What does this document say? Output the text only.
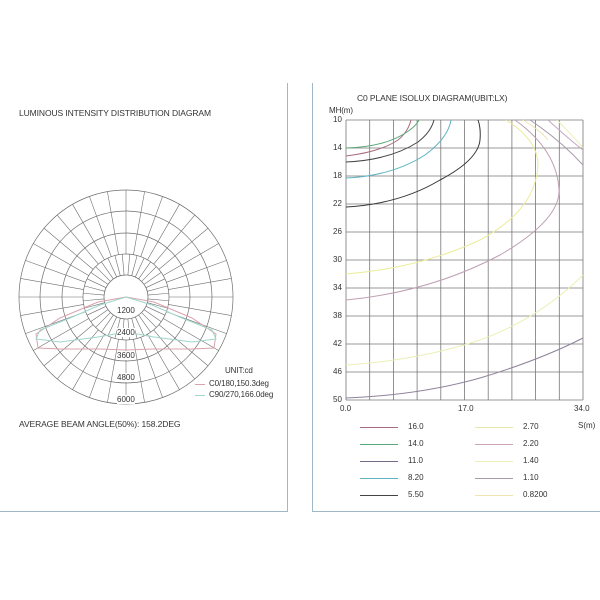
LUMINOUS INTENSITY DISTRIBUTION DIAGRAM
1200
2400
3600
4800
6000
UNIT:cd
C0/180,150.3deg
C90/270,166.0deg
AVERAGE BEAM ANGLE(50%): 158.2DEG
C0 PLANE ISOLUX DIAGRAM(UBIT:LX)
MH(m)
10
14
18
22
26
30
34
38
42
46
50
0.0	17.0	34.0
S(m)
16.0
14.0
11.0
8.20
5.50
2.70
2.20
1.40
1.10
0.8200
